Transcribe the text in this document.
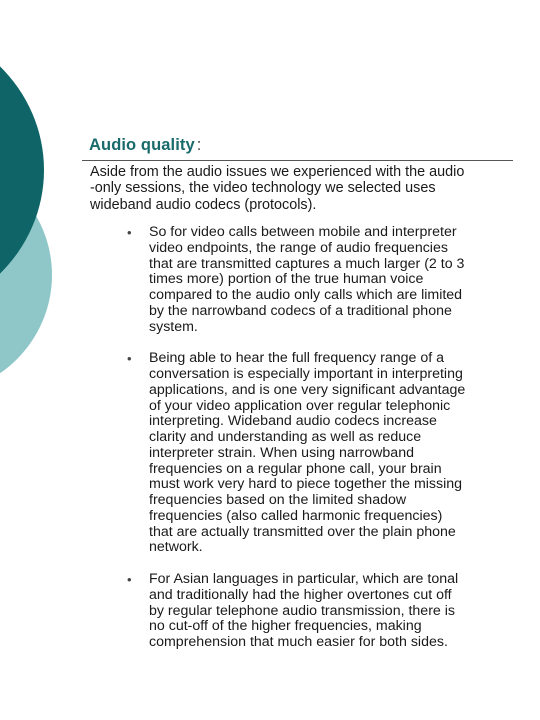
Audio quality :

Aside from the audio issues we experienced with the audio
-only sessions, the video technology we selected uses
wideband audio codecs (protocols).

•	So for video calls between mobile and interpreter
video endpoints, the range of audio frequencies
that are transmitted captures a much larger (2 to 3
times more) portion of the true human voice
compared to the audio only calls which are limited
by the narrowband codecs of a traditional phone
system.
•	Being able to hear the full frequency range of a
conversation is especially important in interpreting
applications, and is one very significant advantage
of your video application over regular telephonic
interpreting. Wideband audio codecs increase
clarity and understanding as well as reduce
interpreter strain. When using narrowband
frequencies on a regular phone call, your brain
must work very hard to piece together the missing
frequencies based on the limited shadow
frequencies (also called harmonic frequencies)
that are actually transmitted over the plain phone
network.
•	For Asian languages in particular, which are tonal
and traditionally had the higher overtones cut off
by regular telephone audio transmission, there is
no cut-off of the higher frequencies, making
comprehension that much easier for both sides.
